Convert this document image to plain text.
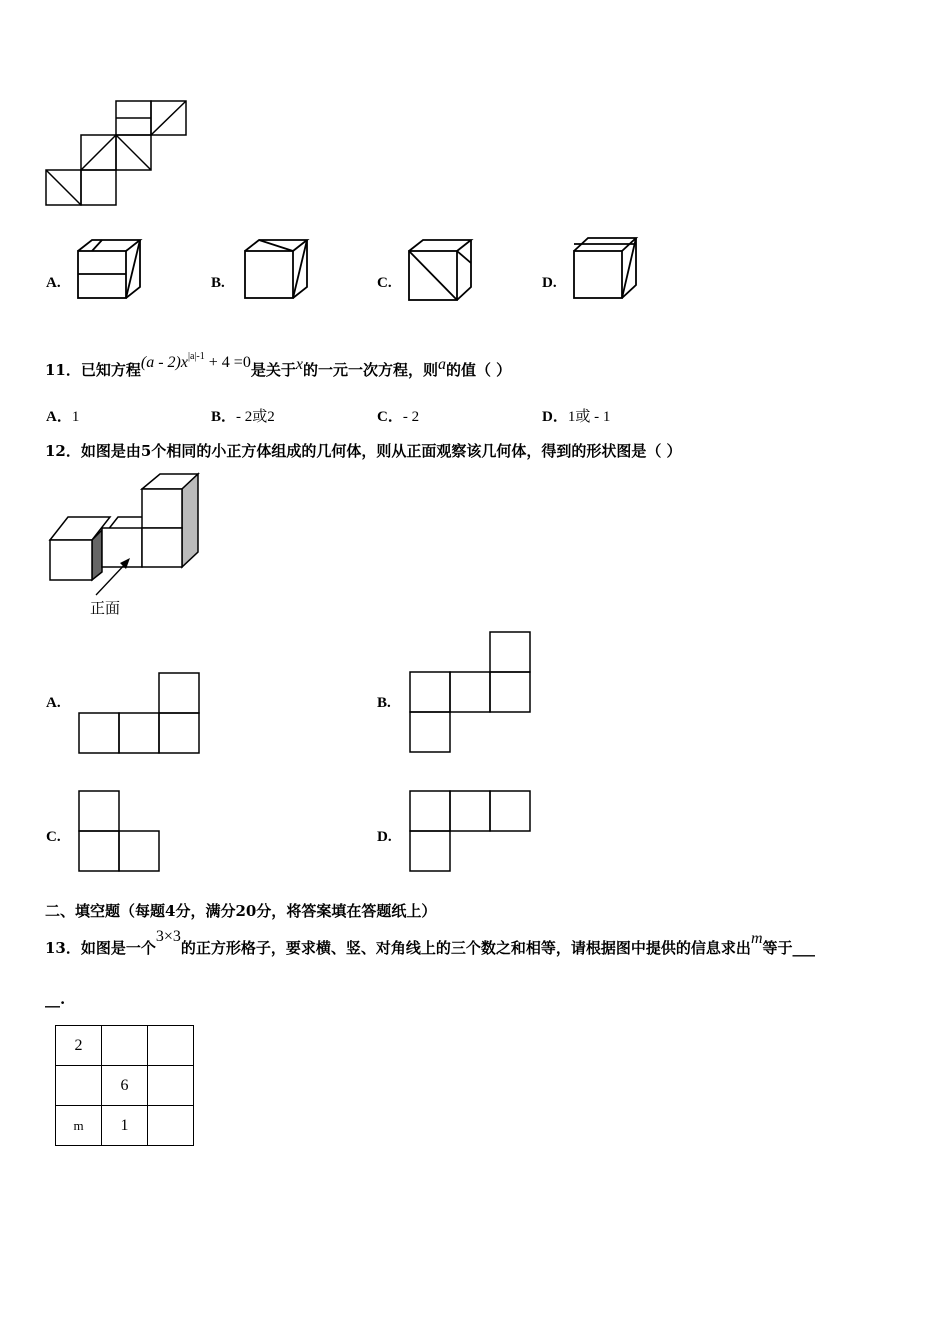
A.	B.	C.	D.
11．已知方程$(a - 2)x^{|a|-1} + 4 =0$是关于x的一元一次方程，则a的值（ ）
A．1	B．- 2或2	C．- 2	D．1或 - 1
12．如图是由5个相同的小正方体组成的几何体，则从正面观察该几何体，得到的形状图是（ ）
正面
A.	B.
C.	D.
二、填空题（每题4分，满分20分，将答案填在答题纸上）
13．如图是一个3×3的正方形格子，要求横、竖、对角线上的三个数之和相等，请根据图中提供的信息求出m等于___
__.
2		
	6	
m	1	
